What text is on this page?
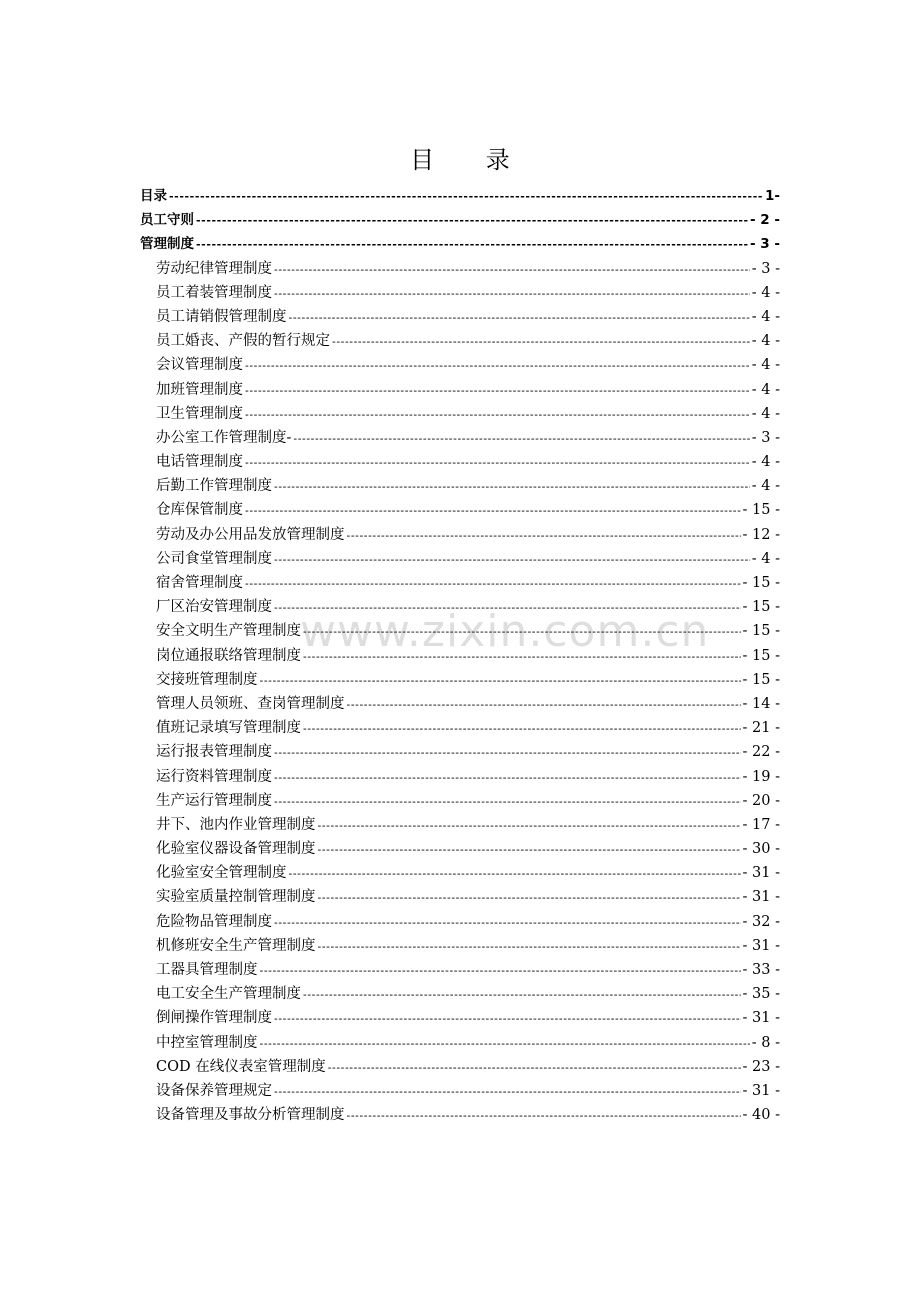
目 录
目录 -----	1-
员工守则 -----	- 2 -
管理制度 -----	- 3 -
劳动纪律管理制度 -----	- 3 -
员工着装管理制度 -----	- 4 -
员工请销假管理制度 -----	- 4 -
员工婚丧、产假的暂行规定 -----	- 4 -
会议管理制度 -----	- 4 -
加班管理制度 -----	- 4 -
卫生管理制度 -----	- 4 -
办公室工作管理制度- -----	- 3 -
电话管理制度 -----	- 4 -
后勤工作管理制度 -----	- 4 -
仓库保管制度 -----	- 15 -
劳动及办公用品发放管理制度 -----	- 12 -
公司食堂管理制度 -----	- 4 -
宿舍管理制度 -----	- 15 -
厂区治安管理制度 -----	- 15 -
安全文明生产管理制度 -----	- 15 -
岗位通报联络管理制度 -----	- 15 -
交接班管理制度 -----	- 15 -
管理人员领班、查岗管理制度 -----	- 14 -
值班记录填写管理制度 -----	- 21 -
运行报表管理制度 -----	- 22 -
运行资料管理制度 -----	- 19 -
生产运行管理制度 -----	- 20 -
井下、池内作业管理制度 -----	- 17 -
化验室仪器设备管理制度 -----	- 30 -
化验室安全管理制度 -----	- 31 -
实验室质量控制管理制度 -----	- 31 -
危险物品管理制度 -----	- 32 -
机修班安全生产管理制度 -----	- 31 -
工器具管理制度 -----	- 33 -
电工安全生产管理制度 -----	- 35 -
倒闸操作管理制度 -----	- 31 -
中控室管理制度 -----	- 8 -
COD 在线仪表室管理制度 -----	- 23 -
设备保养管理规定 -----	- 31 -
设备管理及事故分析管理制度 -----	- 40 -
www.zixin.com.cn
